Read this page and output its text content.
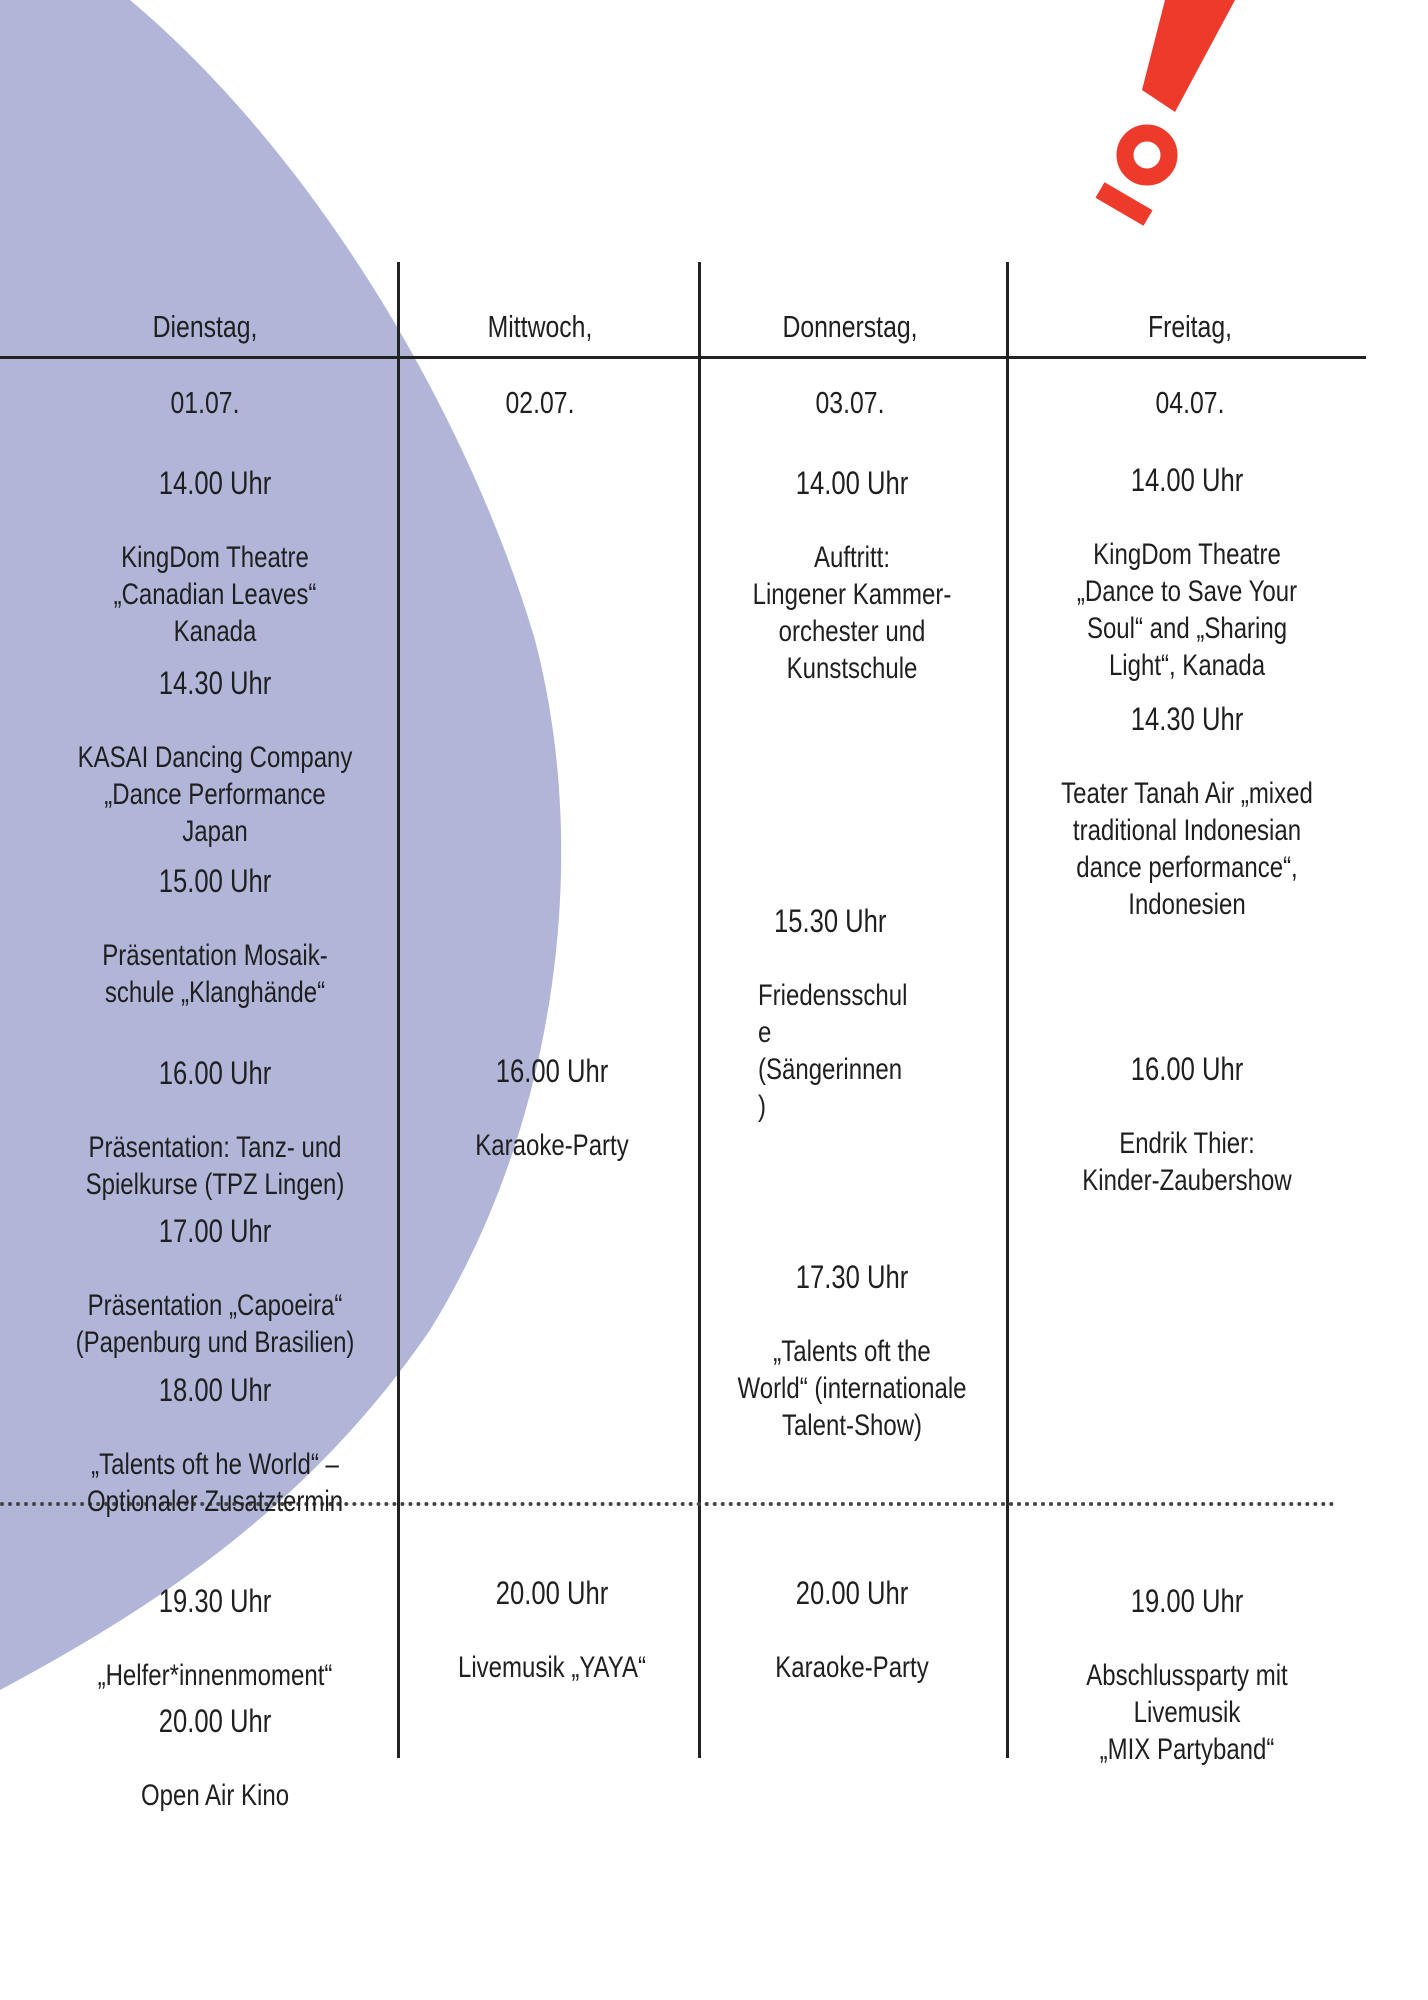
Dienstag,

01.07.

Mittwoch,

02.07.

Donnerstag,

03.07.

Freitag,

04.07.

14.00 Uhr

KingDom Theatre
„Canadian Leaves“
Kanada

14.30 Uhr

KASAI Dancing Company
„Dance Performance
Japan

15.00 Uhr

Präsentation Mosaik-
schule „Klanghände“

16.00 Uhr

Präsentation: Tanz- und
Spielkurse (TPZ Lingen)

17.00 Uhr

Präsentation „Capoeira“
(Papenburg und Brasilien)

18.00 Uhr

„Talents oft he World“ –
Optionaler Zusatztermin

19.30 Uhr

„Helfer*innenmoment“

20.00 Uhr

Open Air Kino

16.00 Uhr

Karaoke-Party

20.00 Uhr

Livemusik „YAYA“

14.00 Uhr

Auftritt:
Lingener Kammer-
orchester und
Kunstschule

15.30 Uhr

Friedensschul
e
(Sängerinnen
)

17.30 Uhr

„Talents oft the
World“ (internationale
Talent-Show)

20.00 Uhr

Karaoke-Party

14.00 Uhr

KingDom Theatre
„Dance to Save Your
Soul“ and „Sharing
Light“, Kanada

14.30 Uhr

Teater Tanah Air „mixed
traditional Indonesian
dance performance“,
Indonesien

16.00 Uhr

Endrik Thier:
Kinder-Zaubershow

19.00 Uhr

Abschlussparty mit
Livemusik
„MIX Partyband“
